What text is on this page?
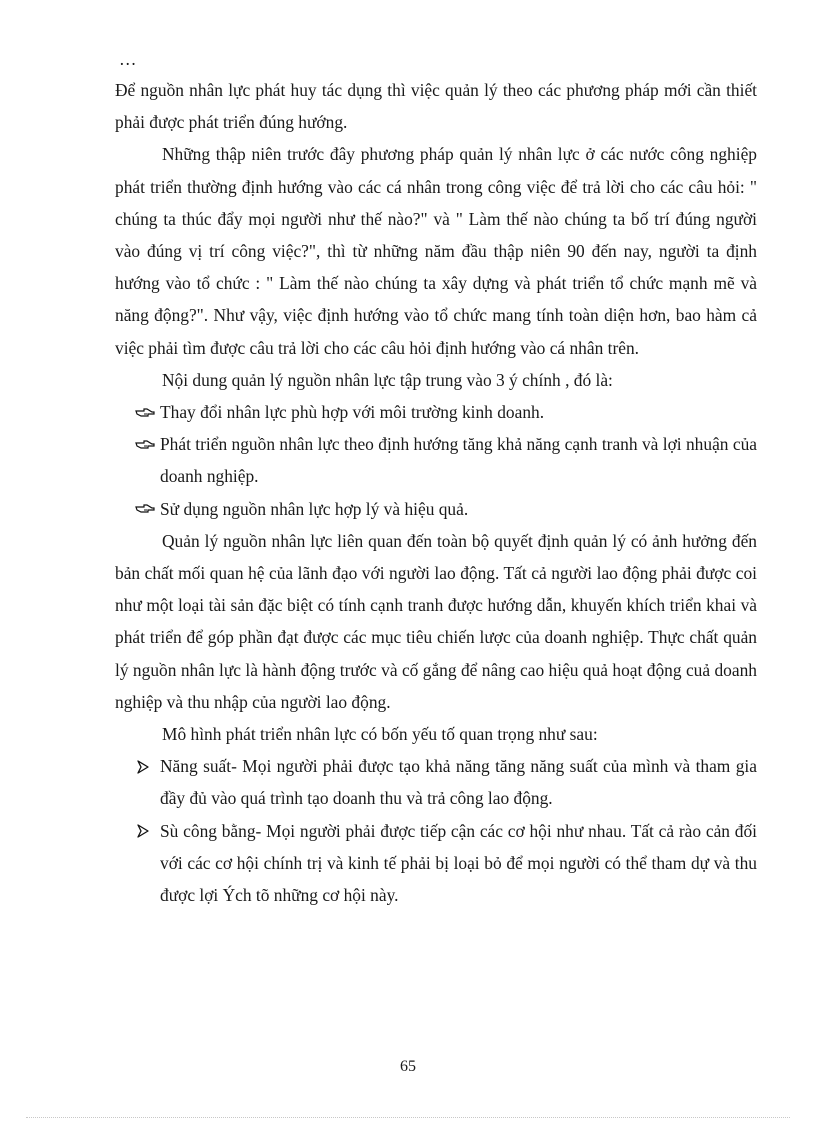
…

Để nguồn nhân lực phát huy tác dụng thì việc quản lý theo các phương pháp mới cần thiết phải được phát triển đúng hướng.

Những thập niên trước đây phương pháp quản lý nhân lực ở các nước công nghiệp phát triển thường định hướng vào các cá nhân trong công việc để trả lời cho các câu hỏi: " chúng ta thúc đẩy mọi người như thế nào?" và " Làm thế nào chúng ta bố trí đúng người vào đúng vị trí công việc?", thì từ những năm đầu thập niên 90 đến nay, người ta định hướng vào tổ chức : " Làm thế nào chúng ta xây dựng và phát triển tổ chức mạnh mẽ và năng động?". Như vậy, việc định hướng vào tổ chức mang tính toàn diện hơn, bao hàm cả việc phải tìm được câu trả lời cho các câu hỏi định hướng vào cá nhân trên.

Nội dung quản lý nguồn nhân lực tập trung vào 3 ý chính , đó là:

Thay đổi nhân lực phù hợp với môi trường kinh doanh.
Phát triển nguồn nhân lực theo định hướng tăng khả năng cạnh tranh và lợi nhuận của doanh nghiệp.
Sử dụng nguồn nhân lực hợp lý và hiệu quả.

Quản lý nguồn nhân lực liên quan đến toàn bộ quyết định quản lý có ảnh hưởng đến bản chất mối quan hệ của lãnh đạo với người lao động. Tất cả người lao động phải được coi như một loại tài sản đặc biệt có tính cạnh tranh được hướng dẫn, khuyến khích triển khai và phát triển để góp phần đạt được các mục tiêu chiến lược của doanh nghiệp. Thực chất quản lý nguồn nhân lực là hành động trước và cố gắng để nâng cao hiệu quả hoạt động cuả doanh nghiệp và thu nhập của người lao động.

Mô hình phát triển nhân lực có bốn yếu tố quan trọng như sau:

Năng suất- Mọi người phải được tạo khả năng tăng năng suất của mình và tham gia đầy đủ vào quá trình tạo doanh thu và trả công lao động.
Sù công bằng- Mọi người phải được tiếp cận các cơ hội như nhau. Tất cả rào cản đối với các cơ hội chính trị và kinh tế phải bị loại bỏ để mọi người có thể tham dự và thu được lợi Ých tõ những cơ hội này.
65
